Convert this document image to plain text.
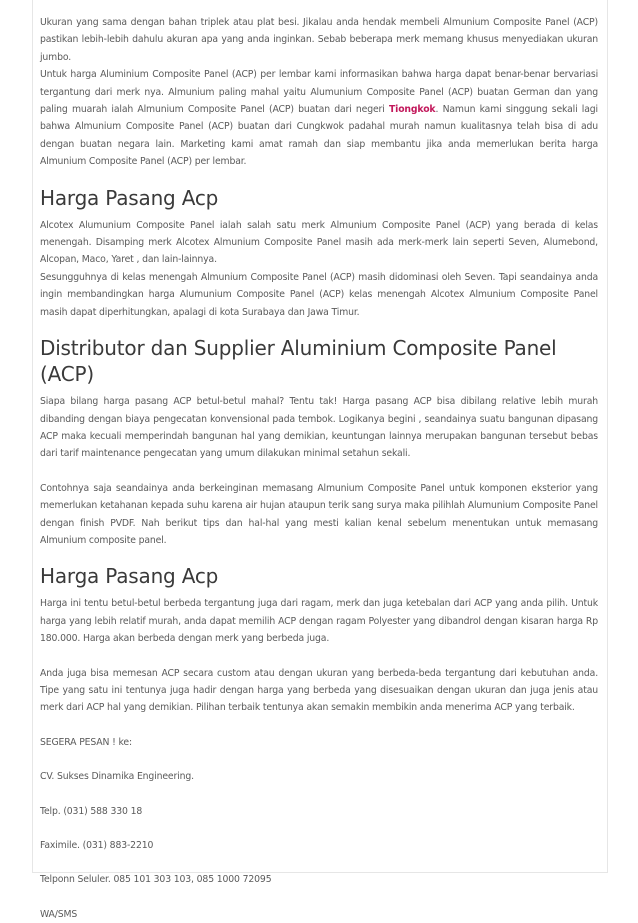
Ukuran yang sama dengan bahan triplek atau plat besi. Jikalau anda hendak membeli Almunium Composite Panel (ACP) pastikan lebih-lebih dahulu akuran apa yang anda inginkan. Sebab beberapa merk memang khusus menyediakan ukuran jumbo.

Untuk harga Aluminium Composite Panel (ACP) per lembar kami informasikan bahwa harga dapat benar-benar bervariasi tergantung dari merk nya. Almunium paling mahal yaitu Alumunium Composite Panel (ACP) buatan German dan yang paling muarah ialah Almunium Composite Panel (ACP) buatan dari negeri Tiongkok. Namun kami singgung sekali lagi bahwa Almunium Composite Panel (ACP) buatan dari Cungkwok padahal murah namun kualitasnya telah bisa di adu dengan buatan negara lain. Marketing kami amat ramah dan siap membantu jika anda memerlukan berita harga Almunium Composite Panel (ACP) per lembar.

Harga Pasang Acp

Alcotex Alumunium Composite Panel ialah salah satu merk Almunium Composite Panel (ACP) yang berada di kelas menengah. Disamping merk Alcotex Almunium Composite Panel masih ada merk-merk lain seperti Seven, Alumebond, Alcopan, Maco, Yaret , dan lain-lainnya.

Sesungguhnya di kelas menengah Almunium Composite Panel (ACP) masih didominasi oleh Seven. Tapi seandainya anda ingin membandingkan harga Alumunium Composite Panel (ACP) kelas menengah Alcotex Almunium Composite Panel masih dapat diperhitungkan, apalagi di kota Surabaya dan Jawa Timur.

Distributor dan Supplier Aluminium Composite Panel (ACP)

Siapa bilang harga pasang ACP betul-betul mahal? Tentu tak! Harga pasang ACP bisa dibilang relative lebih murah dibanding dengan biaya pengecatan konvensional pada tembok. Logikanya begini , seandainya suatu bangunan dipasang ACP maka kecuali memperindah bangunan hal yang demikian, keuntungan lainnya merupakan bangunan tersebut bebas dari tarif maintenance pengecatan yang umum dilakukan minimal setahun sekali.

Contohnya saja seandainya anda berkeinginan memasang Almunium Composite Panel untuk komponen eksterior yang memerlukan ketahanan kepada suhu karena air hujan ataupun terik sang surya maka pilihlah Alumunium Composite Panel dengan finish PVDF. Nah berikut tips dan hal-hal yang mesti kalian kenal sebelum menentukan untuk memasang Almunium composite panel.

Harga Pasang Acp

Harga ini tentu betul-betul berbeda tergantung juga dari ragam, merk dan juga ketebalan dari ACP yang anda pilih. Untuk harga yang lebih relatif murah, anda dapat memilih ACP dengan ragam Polyester yang dibandrol dengan kisaran harga Rp 180.000. Harga akan berbeda dengan merk yang berbeda juga.

Anda juga bisa memesan ACP secara custom atau dengan ukuran yang berbeda-beda tergantung dari kebutuhan anda. Tipe yang satu ini tentunya juga hadir dengan harga yang berbeda yang disesuaikan dengan ukuran dan juga jenis atau merk dari ACP hal yang demikian. Pilihan terbaik tentunya akan semakin membikin anda menerima ACP yang terbaik.

SEGERA PESAN ! ke:

CV. Sukses Dinamika Engineering.

Telp. (031) 588 330 18

Faximile. (031) 883-2210

Telponn Seluler. 085 101 303 103, 085 1000 72095

WA/SMS
